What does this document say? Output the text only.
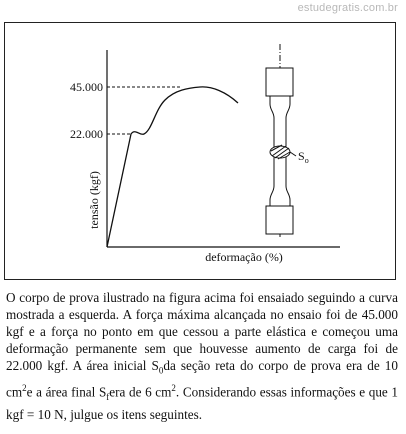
estudegratis.com.br
45.000
22.000
tensão (kgf)
deformação (%)
$S_o$

O corpo de prova ilustrado na figura acima foi ensaiado seguindo a curva mostrada a esquerda. A força máxima alcançada no ensaio foi de 45.000 kgf e a força no ponto em que cessou a parte elástica e começou uma deformação permanente sem que houvesse aumento de carga foi de 22.000 kgf. A área inicial $S_0da$ seção reta do corpo de prova era de 10 $cm^2e$ a área final $S_fera$ de 6 $cm^2$. Considerando essas informações e que 1 kgf = 10 N, julgue os itens seguintes.
